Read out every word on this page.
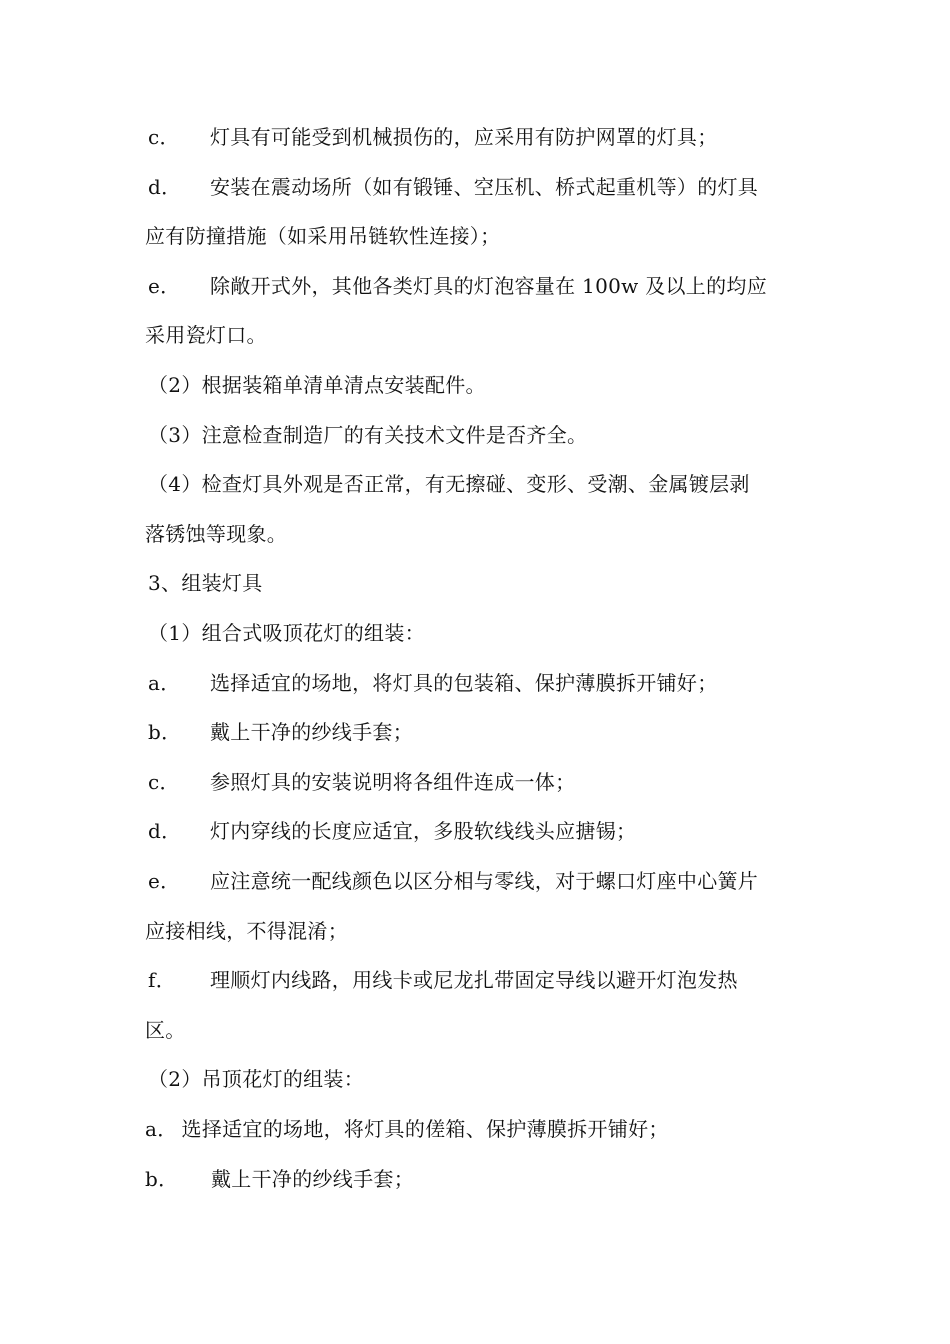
c． 灯具有可能受到机械损伤的，应采用有防护网罩的灯具；
d． 安装在震动场所（如有锻锤、空压机、桥式起重机等）的灯具
应有防撞措施（如采用吊链软性连接）；
e． 除敞开式外，其他各类灯具的灯泡容量在 100w 及以上的均应
采用瓷灯口。
（2）根据装箱单清单清点安装配件。
（3）注意检查制造厂的有关技术文件是否齐全。
（4）检查灯具外观是否正常，有无擦碰、变形、受潮、金属镀层剥
落锈蚀等现象。
3、组装灯具
（1）组合式吸顶花灯的组装：
a． 选择适宜的场地，将灯具的包装箱、保护薄膜拆开铺好；
b． 戴上干净的纱线手套；
c． 参照灯具的安装说明将各组件连成一体；
d． 灯内穿线的长度应适宜，多股软线线头应搪锡；
e． 应注意统一配线颜色以区分相与零线，对于螺口灯座中心簧片
应接相线，不得混淆；
f． 理顺灯内线路，用线卡或尼龙扎带固定导线以避开灯泡发热
区。
（2）吊顶花灯的组装：
a． 选择适宜的场地，将灯具的傞箱、保护薄膜拆开铺好；
b． 戴上干净的纱线手套；
